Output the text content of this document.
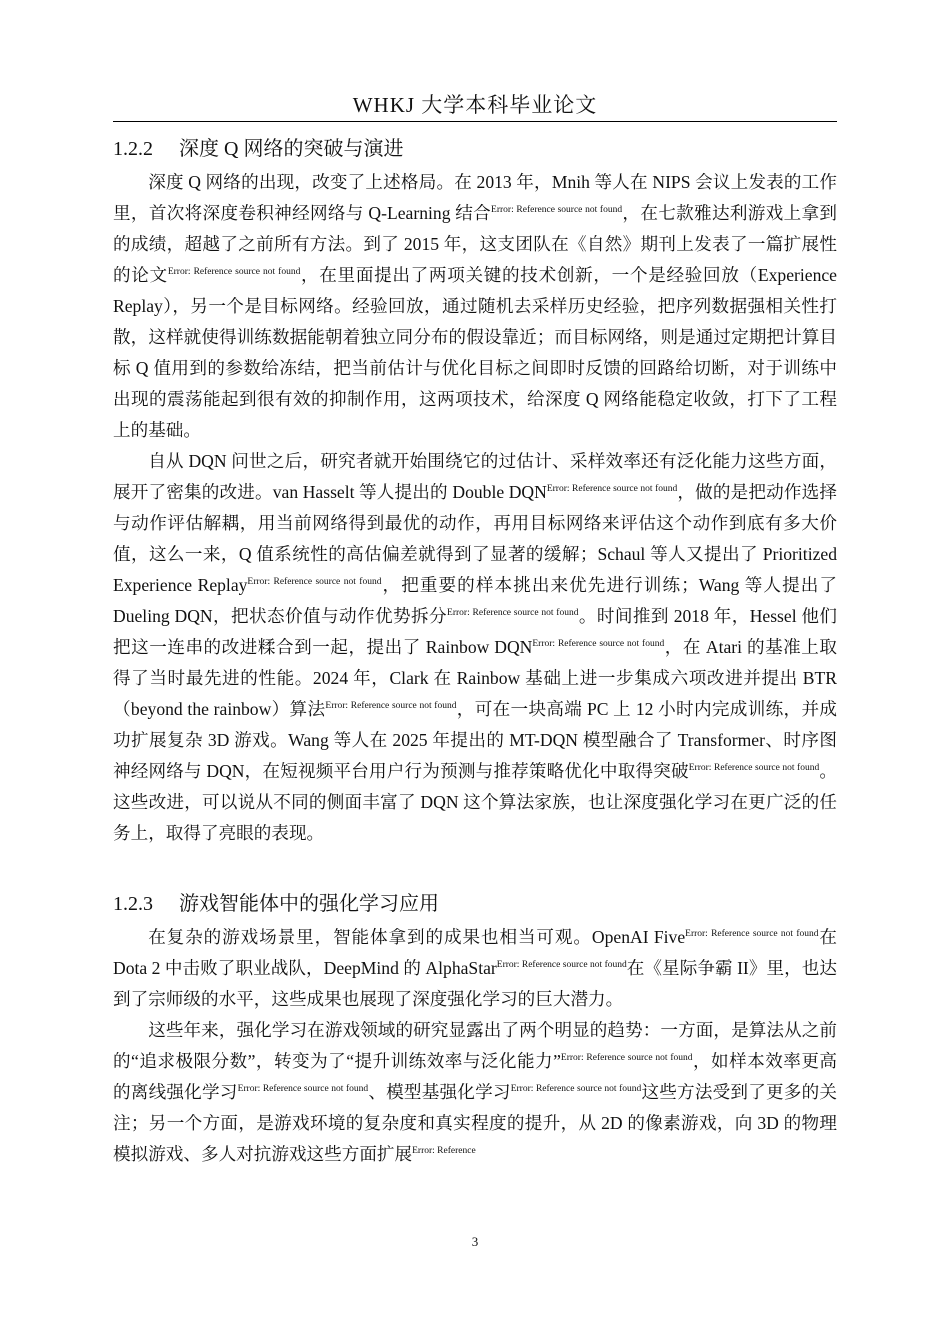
WHKJ 大学本科毕业论文
1.2.2 深度 Q 网络的突破与演进

深度 Q 网络的出现，改变了上述格局。在 2013 年，Mnih 等人在 NIPS 会议上发表的工作里，首次将深度卷积神经网络与 Q-Learning 结合$^{Error: Reference source not found}$，在七款雅达利游戏上拿到的成绩，超越了之前所有方法。到了 2015 年，这支团队在《自然》期刊上发表了一篇扩展性的论文$^{Error: Reference source not found}$，在里面提出了两项关键的技术创新，一个是经验回放（Experience Replay），另一个是目标网络。经验回放，通过随机去采样历史经验，把序列数据强相关性打散，这样就使得训练数据能朝着独立同分布的假设靠近；而目标网络，则是通过定期把计算目标 Q 值用到的参数给冻结，把当前估计与优化目标之间即时反馈的回路给切断，对于训练中出现的震荡能起到很有效的抑制作用，这两项技术，给深度 Q 网络能稳定收敛，打下了工程上的基础。

自从 DQN 问世之后，研究者就开始围绕它的过估计、采样效率还有泛化能力这些方面，展开了密集的改进。van Hasselt 等人提出的 Double DQN$^{Error: Reference source not found}$，做的是把动作选择与动作评估解耦，用当前网络得到最优的动作，再用目标网络来评估这个动作到底有多大价值，这么一来，Q 值系统性的高估偏差就得到了显著的缓解；Schaul 等人又提出了 Prioritized Experience Replay$^{Error: Reference source not found}$，把重要的样本挑出来优先进行训练；Wang 等人提出了 Dueling DQN，把状态价值与动作优势拆分$^{Error: Reference source not found}$。时间推到 2018 年，Hessel 他们把这一连串的改进糅合到一起，提出了 Rainbow DQN$^{Error: Reference source not found}$，在 Atari 的基准上取得了当时最先进的性能。2024 年，Clark 在 Rainbow 基础上进一步集成六项改进并提出 BTR（beyond the rainbow）算法$^{Error: Reference source not found}$，可在一块高端 PC 上 12 小时内完成训练，并成功扩展复杂 3D 游戏。Wang 等人在 2025 年提出的 MT-DQN 模型融合了 Transformer、时序图神经网络与 DQN，在短视频平台用户行为预测与推荐策略优化中取得突破$^{Error: Reference source not found}$。这些改进，可以说从不同的侧面丰富了 DQN 这个算法家族，也让深度强化学习在更广泛的任务上，取得了亮眼的表现。

1.2.3 游戏智能体中的强化学习应用

在复杂的游戏场景里，智能体拿到的成果也相当可观。OpenAI Five$^{Error: Reference source not found}$在 Dota 2 中击败了职业战队，DeepMind 的 AlphaStar$^{Error: Reference source not found}$在《星际争霸 II》里，也达到了宗师级的水平，这些成果也展现了深度强化学习的巨大潜力。

这些年来，强化学习在游戏领域的研究显露出了两个明显的趋势：一方面，是算法从之前的“追求极限分数”，转变为了“提升训练效率与泛化能力”$^{Error: Reference source not found}$，如样本效率更高的离线强化学习$^{Error: Reference source not found}$、模型基强化学习$^{Error: Reference source not found}$这些方法受到了更多的关注；另一个方面，是游戏环境的复杂度和真实程度的提升，从 2D 的像素游戏，向 3D 的物理模拟游戏、多人对抗游戏这些方面扩展$^{Error: Reference}$

3
